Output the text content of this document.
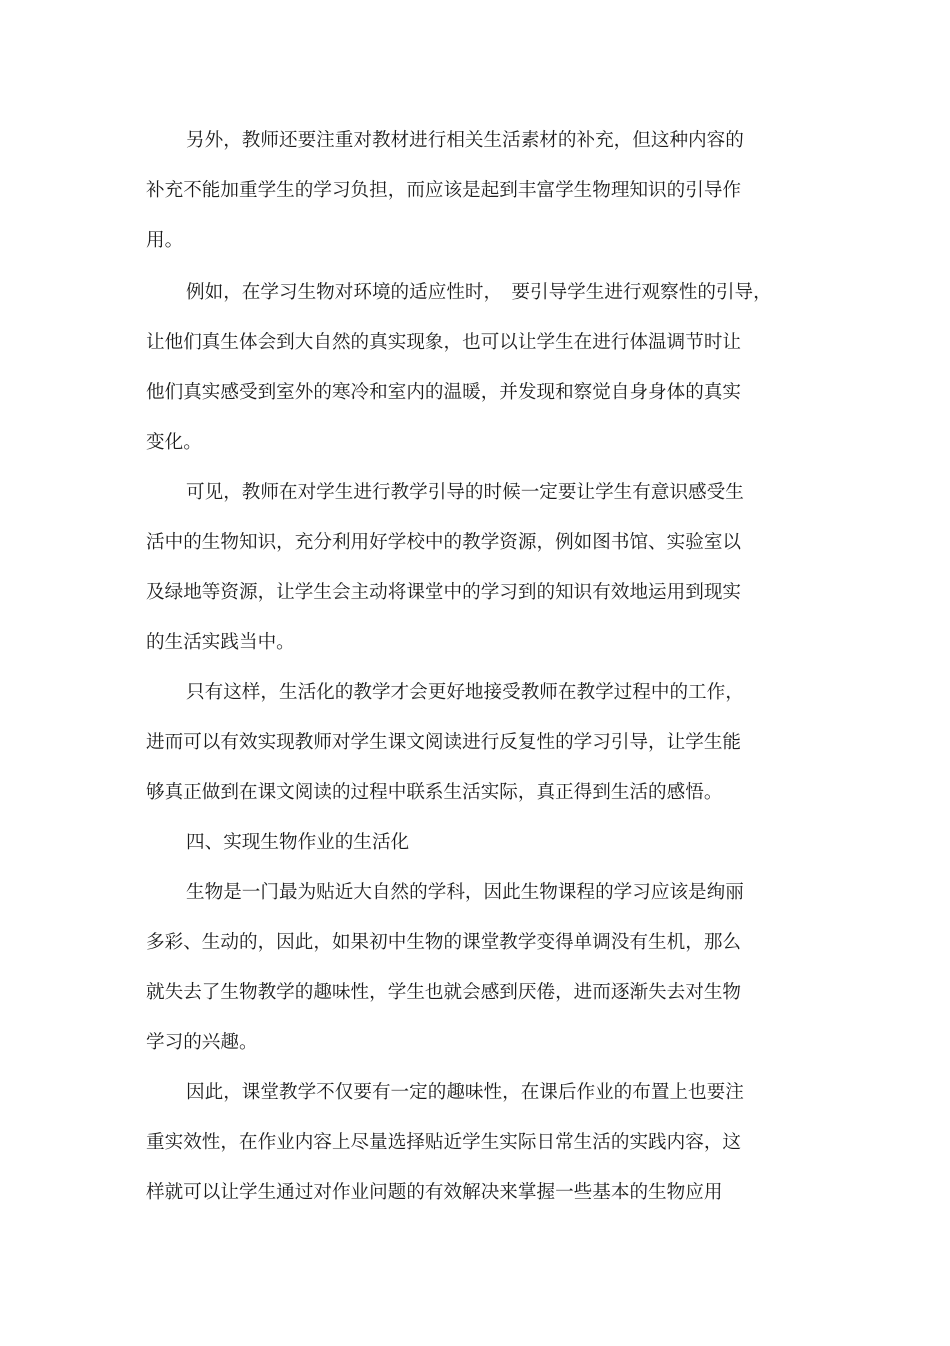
另外，教师还要注重对教材进行相关生活素材的补充，但这种内容的
补充不能加重学生的学习负担，而应该是起到丰富学生物理知识的引导作
用。
例如，在学习生物对环境的适应性时，　要引导学生进行观察性的引导，
让他们真生体会到大自然的真实现象，也可以让学生在进行体温调节时让
他们真实感受到室外的寒冷和室内的温暖，并发现和察觉自身身体的真实
变化。
可见，教师在对学生进行教学引导的时候一定要让学生有意识感受生
活中的生物知识，充分利用好学校中的教学资源，例如图书馆、实验室以
及绿地等资源，让学生会主动将课堂中的学习到的知识有效地运用到现实
的生活实践当中。
只有这样，生活化的教学才会更好地接受教师在教学过程中的工作，
进而可以有效实现教师对学生课文阅读进行反复性的学习引导，让学生能
够真正做到在课文阅读的过程中联系生活实际，真正得到生活的感悟。
四、实现生物作业的生活化
生物是一门最为贴近大自然的学科，因此生物课程的学习应该是绚丽
多彩、生动的，因此，如果初中生物的课堂教学变得单调没有生机，那么
就失去了生物教学的趣味性，学生也就会感到厌倦，进而逐渐失去对生物
学习的兴趣。
因此，课堂教学不仅要有一定的趣味性，在课后作业的布置上也要注
重实效性，在作业内容上尽量选择贴近学生实际日常生活的实践内容，这
样就可以让学生通过对作业问题的有效解决来掌握一些基本的生物应用
